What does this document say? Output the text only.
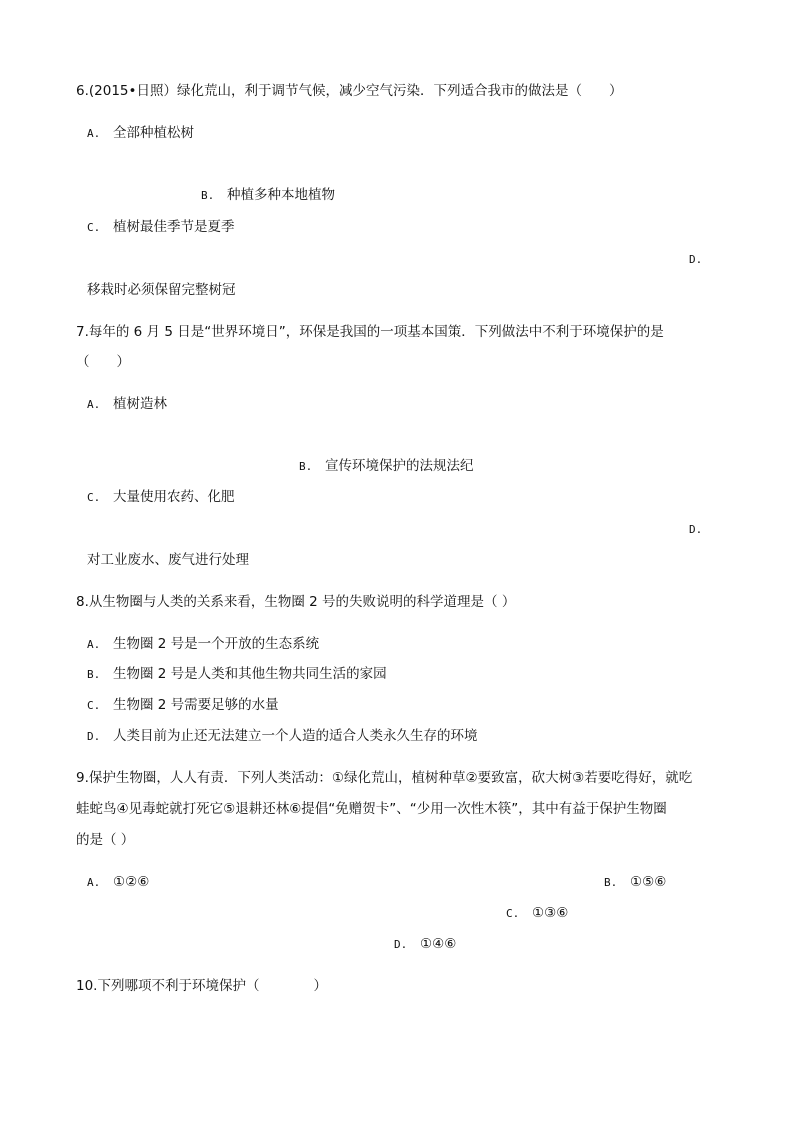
6.(2015•日照）绿化荒山，利于调节气候，减少空气污染．下列适合我市的做法是（　　）
A. 全部种植松树
B. 种植多种本地植物
C. 植树最佳季节是夏季
D.
移栽时必须保留完整树冠
7.每年的 6 月 5 日是“世界环境日”，环保是我国的一项基本国策．下列做法中不利于环境保护的是
（　　）
A. 植树造林
B. 宣传环境保护的法规法纪
C. 大量使用农药、化肥
D.
对工业废水、废气进行处理
8.从生物圈与人类的关系来看，生物圈 2 号的失败说明的科学道理是（ ）
A. 生物圈 2 号是一个开放的生态系统
B. 生物圈 2 号是人类和其他生物共同生活的家园
C. 生物圈 2 号需要足够的水量
D. 人类目前为止还无法建立一个人造的适合人类永久生存的环境
9.保护生物圈，人人有责．下列人类活动：①绿化荒山，植树种草②要致富，砍大树③若要吃得好，就吃
蛙蛇鸟④见毒蛇就打死它⑤退耕还林⑥提倡“免赠贺卡”、“少用一次性木筷”，其中有益于保护生物圈
的是（ ）
A. ①②⑥	B. ①⑤⑥
C. ①③⑥
D. ①④⑥
10.下列哪项不利于环境保护（　　　　）
